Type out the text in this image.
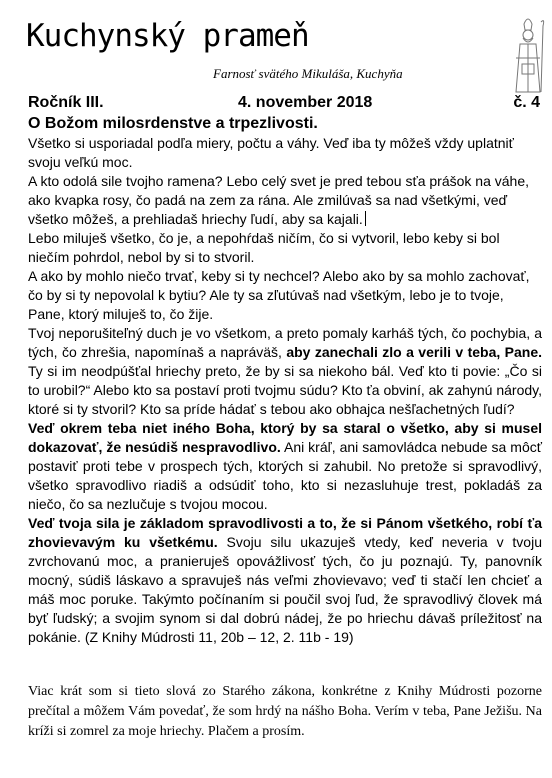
Kuchynský prameň
Farnosť svätého Mikuláša, Kuchyňa
Ročník III.	4. november 2018	č. 4
O Božom milosrdenstve a trpezlivosti.

Všetko si usporiadal podľa miery, počtu a váhy. Veď iba ty môžeš vždy uplatniť svoju veľkú moc.

A kto odolá sile tvojho ramena? Lebo celý svet je pred tebou sťa prášok na váhe, ako kvapka rosy, čo padá na zem za rána. Ale zmilúvaš sa nad všetkými, veď všetko môžeš, a prehliadaš hriechy ľudí, aby sa kajali.

Lebo miluješ všetko, čo je, a nepohŕdaš ničím, čo si vytvoril, lebo keby si bol niečím pohrdol, nebol by si to stvoril.

A ako by mohlo niečo trvať, keby si ty nechcel? Alebo ako by sa mohlo zachovať, čo by si ty nepovolal k bytiu? Ale ty sa zľutúvaš nad všetkým, lebo je to tvoje, Pane, ktorý miluješ to, čo žije.

Tvoj neporušiteľný duch je vo všetkom, a preto pomaly karháš tých, čo pochybia, a tých, čo zhrešia, napomínaš a napráväš, aby zanechali zlo a verili v teba, Pane. Ty si im neodpúšťal hriechy preto, že by si sa niekoho bál. Veď kto ti povie: „Čo si to urobil?“ Alebo kto sa postaví proti tvojmu súdu? Kto ťa obviní, ak zahynú národy, ktoré si ty stvoril? Kto sa príde hádať s tebou ako obhajca nešľachetných ľudí?

Veď okrem teba niet iného Boha, ktorý by sa staral o všetko, aby si musel dokazovať, že nesúdiš nespravodlivo. Ani kráľ, ani samovládca nebude sa môcť postaviť proti tebe v prospech tých, ktorých si zahubil. No pretože si spravodlivý, všetko spravodlivo riadiš a odsúdiť toho, kto si nezasluhuje trest, pokladáš za niečo, čo sa nezlučuje s tvojou mocou.

Veď tvoja sila je základom spravodlivosti a to, že si Pánom všetkého, robí ťa zhovievavým ku všetkému. Svoju silu ukazuješ vtedy, keď neveria v tvoju zvrchovanú moc, a pranieruješ opovážlivosť tých, čo ju poznajú. Ty, panovník mocný, súdiš láskavo a spravuješ nás veľmi zhovievavo; veď ti stačí len chcieť a máš moc poruke. Takýmto počínaním si poučil svoj ľud, že spravodlivý človek má byť ľudský; a svojim synom si dal dobrú nádej, že po hriechu dávaš príležitosť na pokánie. (Z Knihy Múdrosti 11, 20b – 12, 2. 11b - 19)

Viac krát som si tieto slová zo Starého zákona, konkrétne z Knihy Múdrosti pozorne prečítal a môžem Vám povedať, že som hrdý na nášho Boha. Verím v teba, Pane Ježišu. Na kríži si zomrel za moje hriechy. Plačem a prosím.
